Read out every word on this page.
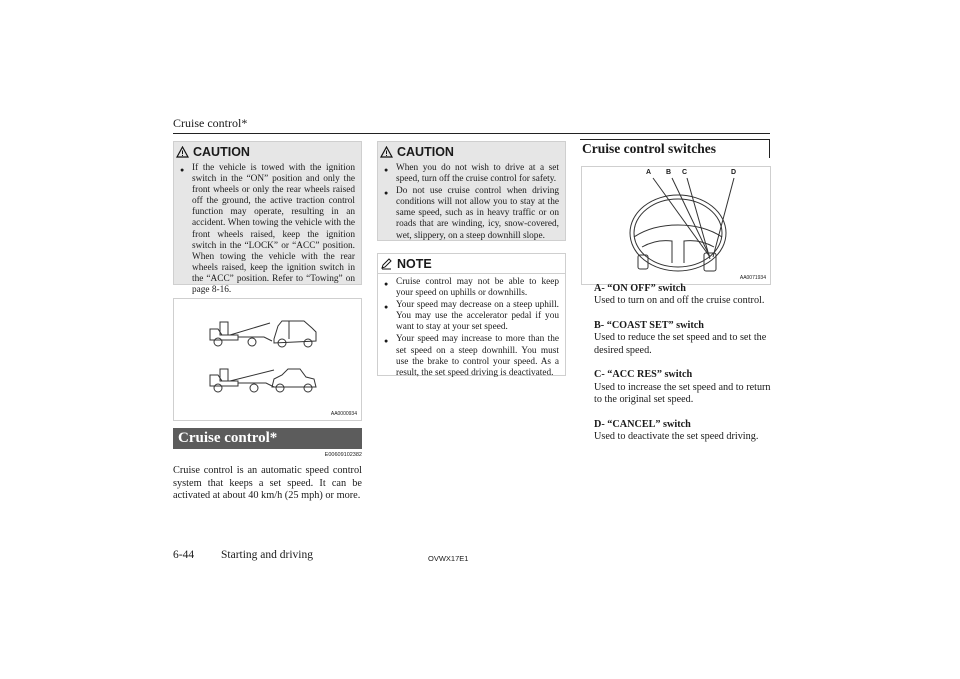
Cruise control*
CAUTION
● If the vehicle is towed with the ignition switch in the “ON” position and only the front wheels or only the rear wheels raised off the ground, the active traction control function may operate, resulting in an accident. When towing the vehicle with the front wheels raised, keep the ignition switch in the “LOCK” or “ACC” position. When towing the vehicle with the rear wheels raised, keep the ignition switch in the “ACC” position. Refer to “Towing” on page 8-16.
AA0000934
Cruise control*
E00609102382
Cruise control is an automatic speed control system that keeps a set speed. It can be activated at about 40 km/h (25 mph) or more.
CAUTION
● When you do not wish to drive at a set speed, turn off the cruise control for safety.
● Do not use cruise control when driving conditions will not allow you to stay at the same speed, such as in heavy traffic or on roads that are winding, icy, snow-covered, wet, slippery, on a steep downhill slope.
NOTE
● Cruise control may not be able to keep your speed on uphills or downhills.
● Your speed may decrease on a steep uphill. You may use the accelerator pedal if you want to stay at your set speed.
● Your speed may increase to more than the set speed on a steep downhill. You must use the brake to control your speed. As a result, the set speed driving is deactivated.
Cruise control switches
A B C	D
AA0071934
A- “ON OFF” switch
Used to turn on and off the cruise control.
B- “COAST SET” switch
Used to reduce the set speed and to set the desired speed.
C- “ACC RES” switch
Used to increase the set speed and to return to the original set speed.
D- “CANCEL” switch
Used to deactivate the set speed driving.
6-44 Starting and driving	OVWX17E1
